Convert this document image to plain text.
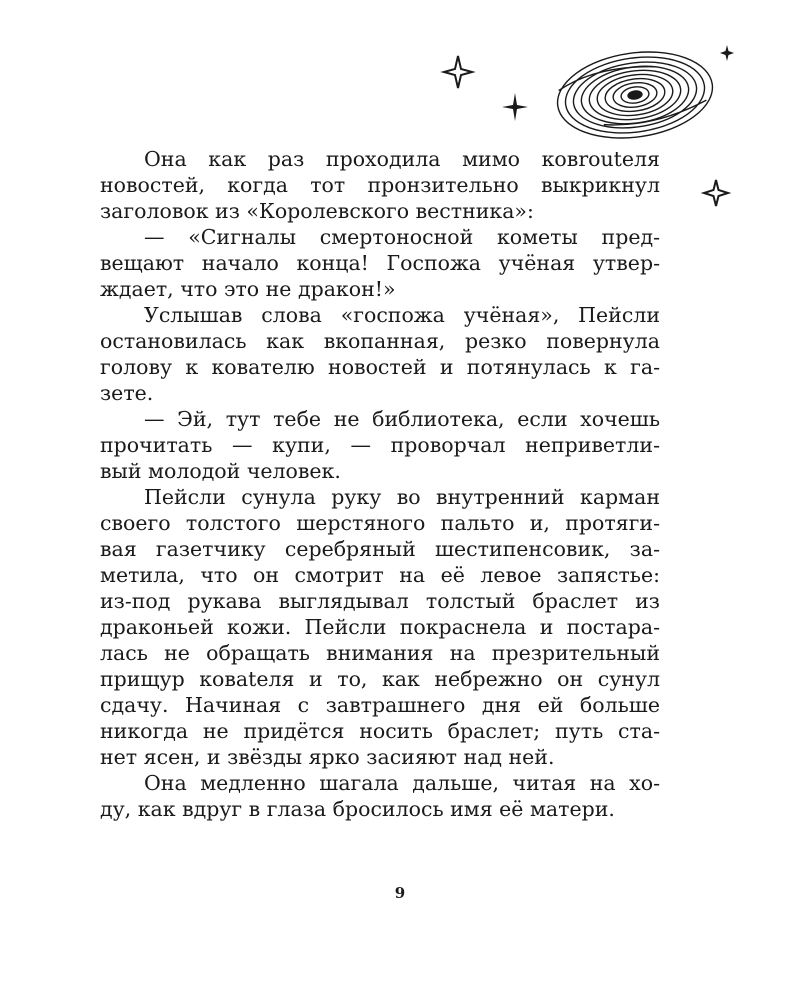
Она как раз проходила мимо ковrouteля
новостей, когда тот пронзительно выкрикнул
заголовок из «Королевского вестника»:
— «Сигналы смертоносной кометы пред-
вещают начало конца! Госпожа учёная утвер-
ждает, что это не дракон!»
Услышав слова «госпожа учёная», Пейсли
остановилась как вкопанная, резко повернула
голову к кователю новостей и потянулась к га-
зете.
— Эй, тут тебе не библиотека, если хочешь
прочитать — купи, — проворчал неприветли-
вый молодой человек.
Пейсли сунула руку во внутренний карман
своего толстого шерстяного пальто и, протяги-
вая газетчику серебряный шестипенсовик, за-
метила, что он смотрит на её левое запястье:
из-под рукава выглядывал толстый браслет из
драконьей кожи. Пейсли покраснела и постара-
лась не обращать внимания на презрительный
прищур ковateля и то, как небрежно он сунул
сдачу. Начиная с завтрашнего дня ей больше
никогда не придётся носить браслет; путь ста-
нет ясен, и звёзды ярко засияют над ней.
Она медленно шагала дальше, читая на хо-
ду, как вдруг в глаза бросилось имя её матери.
9
